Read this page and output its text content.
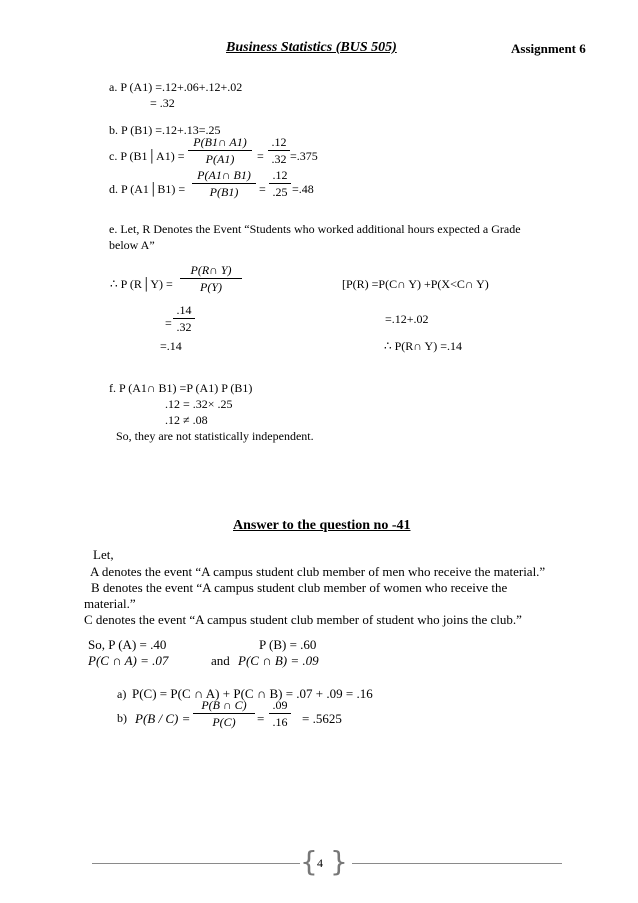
Business Statistics (BUS 505)	Assignment 6
a. P (A1) =.12+.06+.12+.02
= .32
b. P (B1) =.12+.13=.25
c. P (B1│A1) =
P(B1∩ A1)
P(A1)	=
.12
.32 =.375
d. P (A1│B1) =
P(A1∩ B1)
P(B1)	=
.12
.25 =.48
e. Let, R Denotes the Event “Students who worked additional hours expected a Grade
below A”
∴ P (R│Y) =
P(R∩ Y)
P(Y)	[P(R) =P(C∩ Y) +P(X<C∩ Y)
=
.14
.32
=.12+.02
=.14	∴ P(R∩ Y) =.14
f. P (A1∩ B1) =P (A1) P (B1)
.12 = .32× .25
.12 ≠ .08
So, they are not statistically independent.
Answer to the question no -41
Let,
A denotes the event “A campus student club member of men who receive the material.”
B denotes the event “A campus student club member of women who receive the
material.”
C denotes the event “A campus student club member of student who joins the club.”
So, P (A) = .40	P (B) = .60
P(C ∩ A) = .07	and P(C ∩ B) = .09
a) P(C) = P(C ∩ A) + P(C ∩ B) = .07 + .09 = .16
b) P(B / C) =
P(B ∩ C)
P(C)	=
.09
.16 = .5625
{ 4 }
